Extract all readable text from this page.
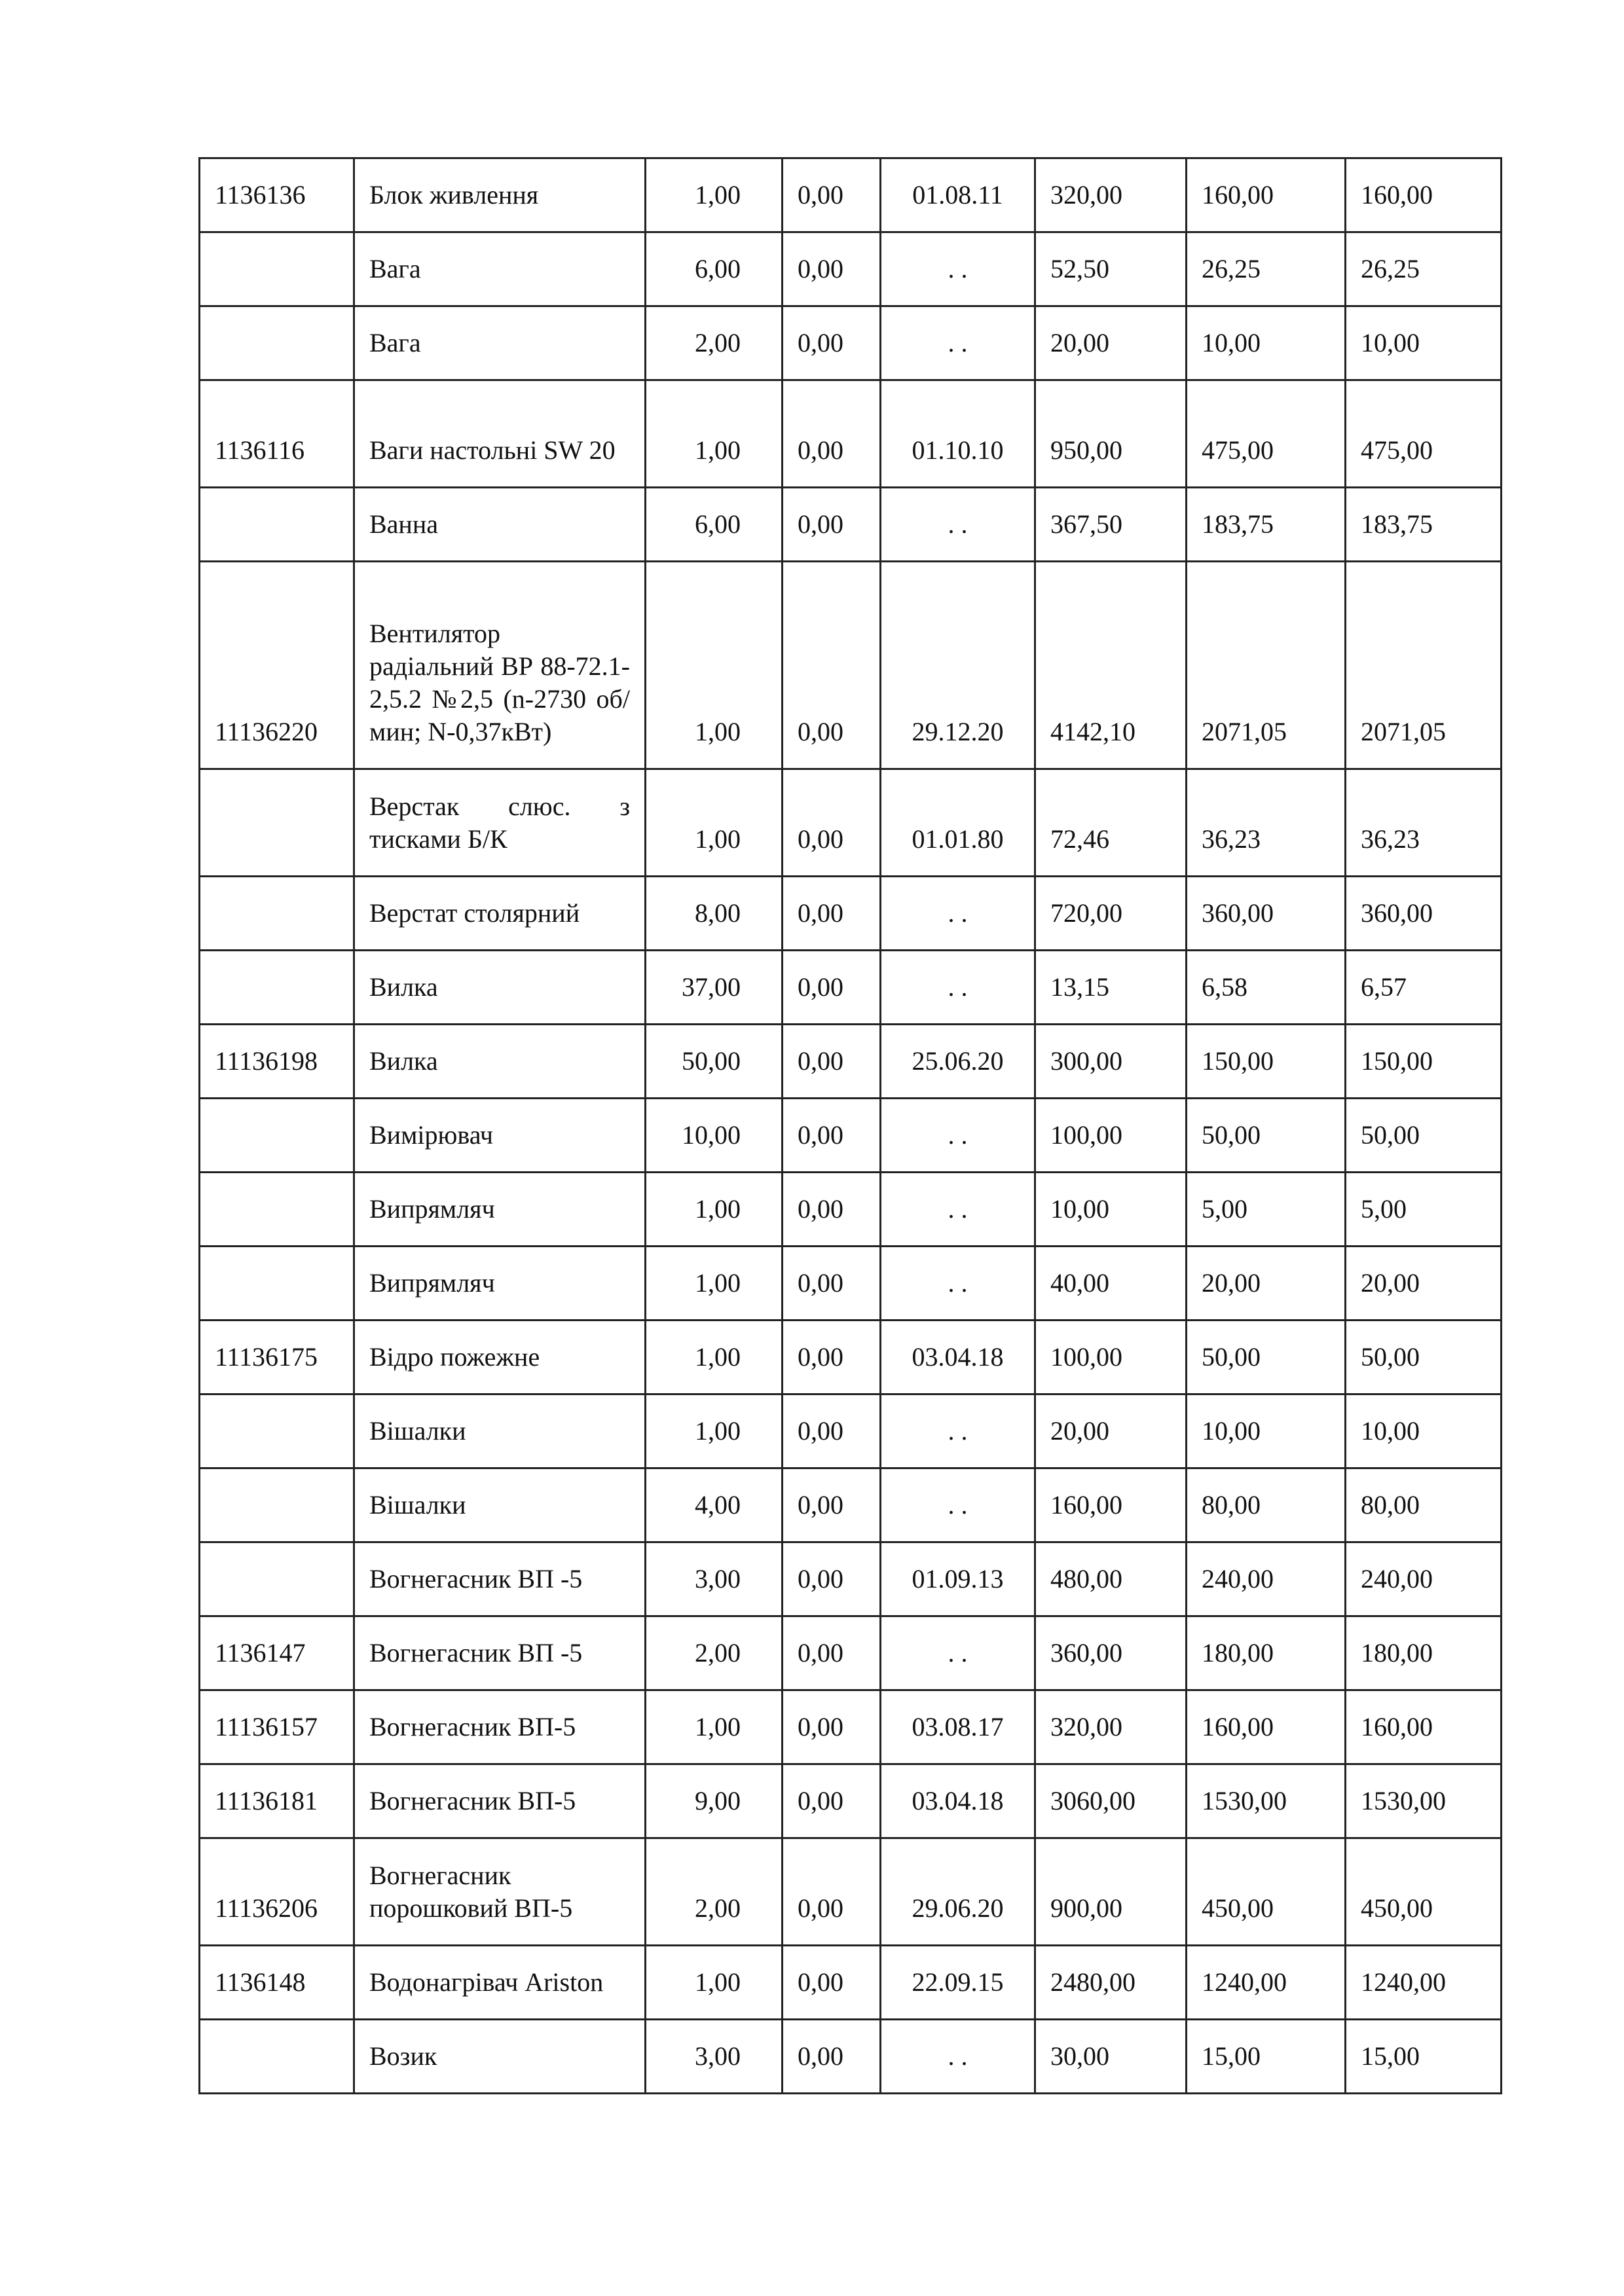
1136136	Блок живлення	1,00	0,00	01.08.11	320,00	160,00	160,00
	Вага	6,00	0,00	. .	52,50	26,25	26,25
	Вага	2,00	0,00	. .	20,00	10,00	10,00
1136116	Ваги настольні SW 20	1,00	0,00	01.10.10	950,00	475,00	475,00
	Ванна	6,00	0,00	. .	367,50	183,75	183,75
11136220	Вентилятор радіальний ВР 88-72.1-2,5.2 №2,5 (n-2730 об/мин; N-0,37кВт)	1,00	0,00	29.12.20	4142,10	2071,05	2071,05
	Верстак слюс. з тисками Б/К	1,00	0,00	01.01.80	72,46	36,23	36,23
	Верстат столярний	8,00	0,00	. .	720,00	360,00	360,00
	Вилка	37,00	0,00	. .	13,15	6,58	6,57
11136198	Вилка	50,00	0,00	25.06.20	300,00	150,00	150,00
	Вимірювач	10,00	0,00	. .	100,00	50,00	50,00
	Випрямляч	1,00	0,00	. .	10,00	5,00	5,00
	Випрямляч	1,00	0,00	. .	40,00	20,00	20,00
11136175	Відро пожежне	1,00	0,00	03.04.18	100,00	50,00	50,00
	Вішалки	1,00	0,00	. .	20,00	10,00	10,00
	Вішалки	4,00	0,00	. .	160,00	80,00	80,00
	Вогнегасник ВП -5	3,00	0,00	01.09.13	480,00	240,00	240,00
1136147	Вогнегасник ВП -5	2,00	0,00	. .	360,00	180,00	180,00
11136157	Вогнегасник ВП-5	1,00	0,00	03.08.17	320,00	160,00	160,00
11136181	Вогнегасник ВП-5	9,00	0,00	03.04.18	3060,00	1530,00	1530,00
11136206	Вогнегасник порошковий ВП-5	2,00	0,00	29.06.20	900,00	450,00	450,00
1136148	Водонагрівач Ariston	1,00	0,00	22.09.15	2480,00	1240,00	1240,00
	Возик	3,00	0,00	. .	30,00	15,00	15,00
